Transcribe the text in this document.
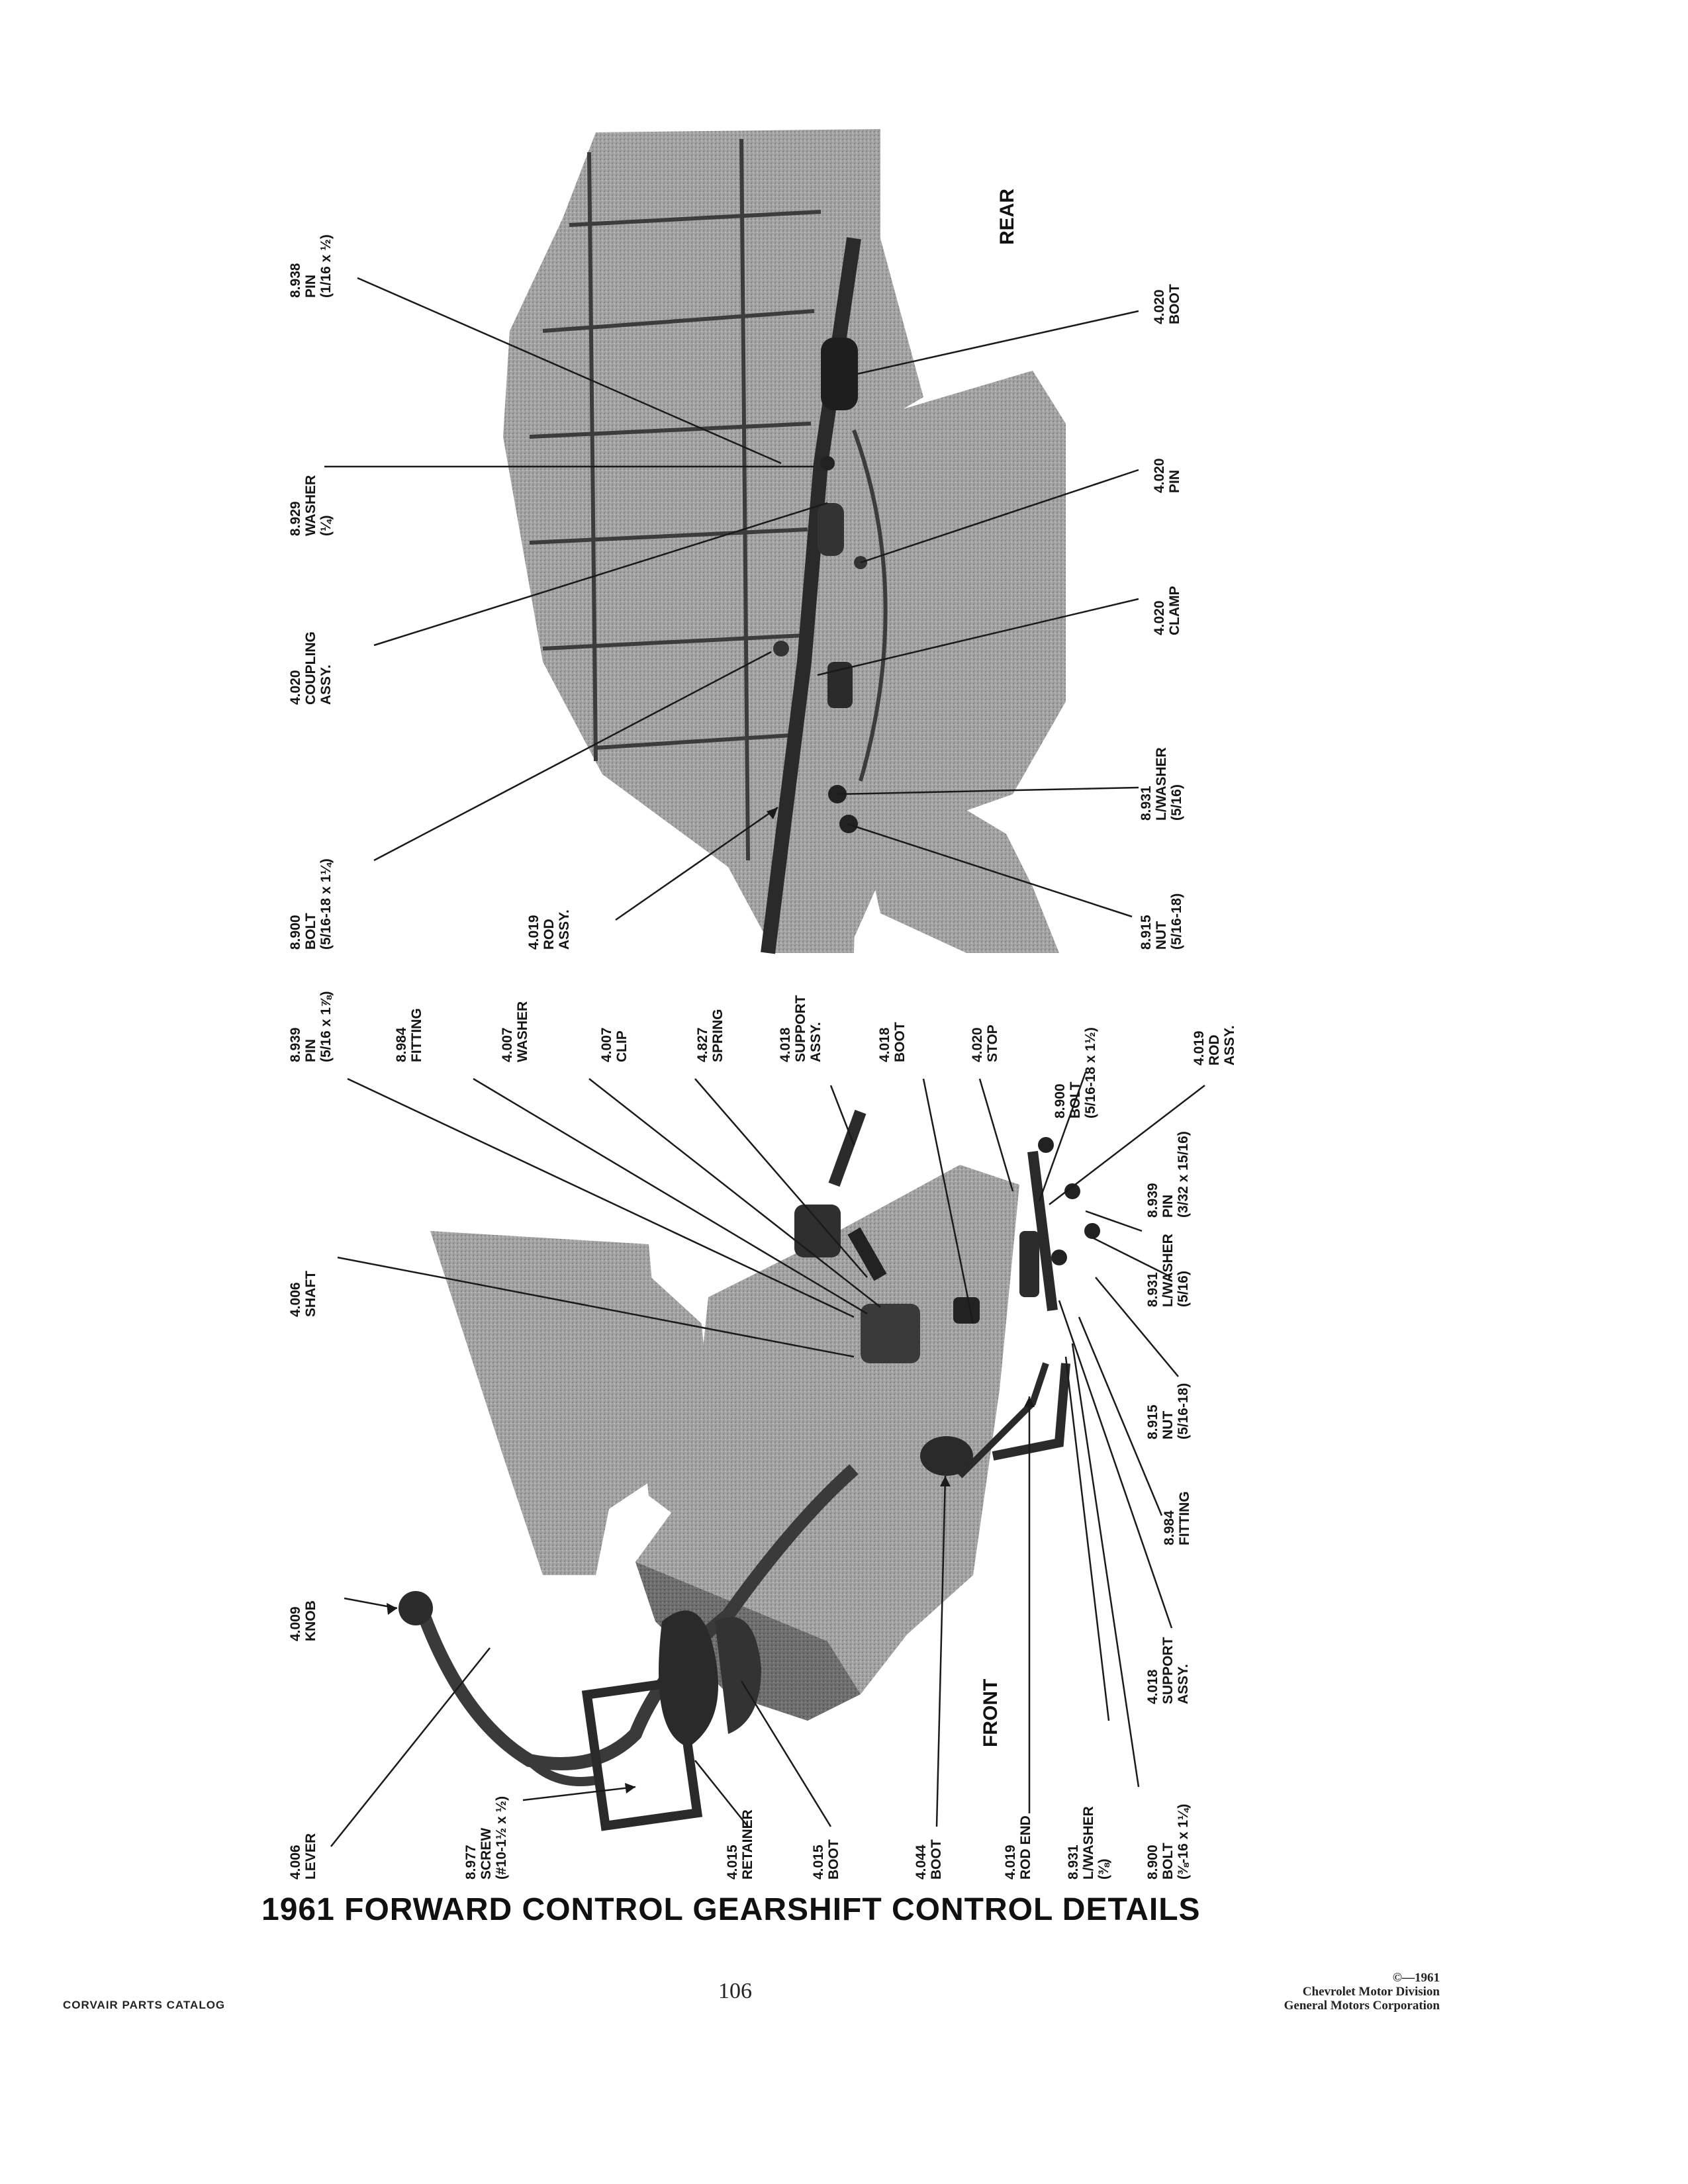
8.900
BOLT
(5/16-18 x 1¼)
4.020
COUPLING
ASSY.
8.929
WASHER
(¼)
8.938
PIN
(1/16 x ½)
4.019
ROD
ASSY.	8.915
NUT
(5/16-18)
8.931
L/WASHER
(5/16)
4.020
CLAMP
4.020
PIN
4.020
BOOT
REAR
4.006
LEVER
4.009
KNOB
8.977
SCREW
(#10-1½ x ½)
4.015
RETAINER	4.015
BOOT
4.006
SHAFT
4.044
BOOT	4.019
ROD END
8.931
L/WASHER
(⅜) 8.900
BOLT
(⅜-16 x 1¼)
4.018
SUPPORT
ASSY.
8.984
FITTING
8.915
NUT
(5/16-18)
8.931
L/WASHER
(5/16)
8.939
PIN
(3/32 x 15/16)
4.019
ROD
ASSY.
8.900
BOLT
(5/16-18 x 1½)
4.020
STOP
4.018
BOOT
4.018
SUPPORT
ASSY.
4.827
SPRING
4.007
CLIP
4.007
WASHER
8.984
FITTING
8.939
PIN
(5/16 x 1⅞)
FRONT
1961 FORWARD CONTROL GEARSHIFT CONTROL DETAILS
CORVAIR PARTS CATALOG
106
©—1961
Chevrolet Motor Division
General Motors Corporation
